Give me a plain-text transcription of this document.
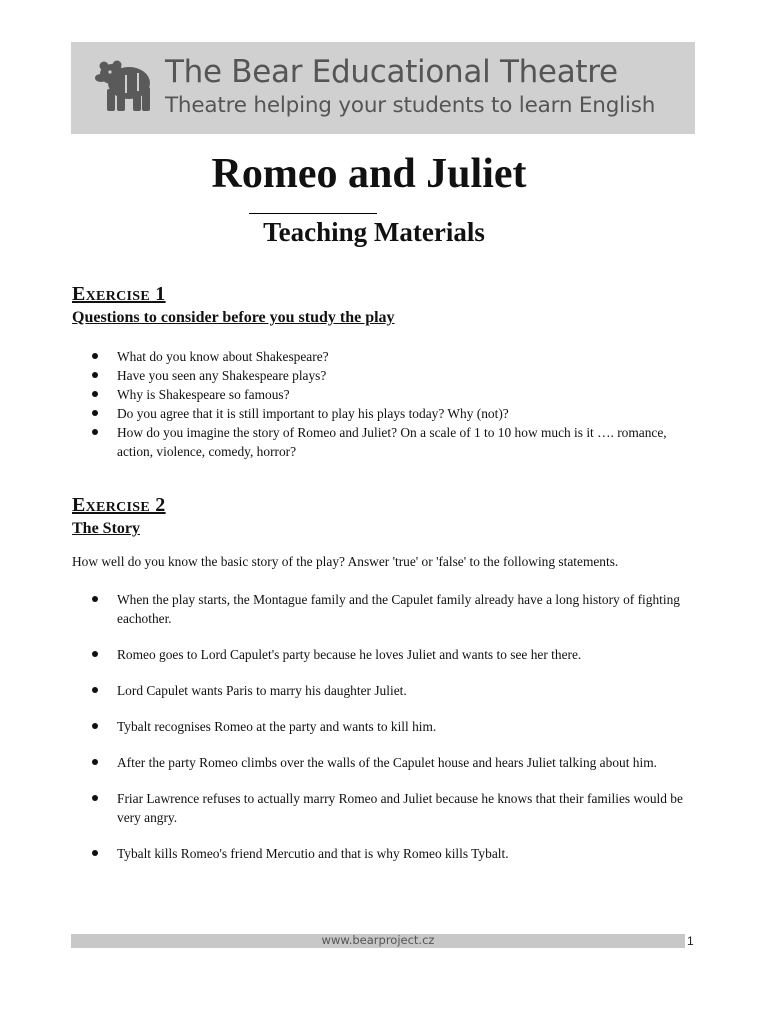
The Bear Educational Theatre
Theatre helping your students to learn English
Romeo and Juliet
Teaching Materials
Exercise 1
Questions to consider before you study the play
What do you know about Shakespeare?
Have you seen any Shakespeare plays?
Why is Shakespeare so famous?
Do you agree that it is still important to play his plays today? Why (not)?
How do you imagine the story of Romeo and Juliet? On a scale of 1 to 10 how much is it …. romance, action, violence, comedy, horror?
Exercise 2
The Story
How well do you know the basic story of the play? Answer 'true' or 'false' to the following statements.
When the play starts, the Montague family and the Capulet family already have a long history of fighting eachother.
Romeo goes to Lord Capulet's party because he loves Juliet and wants to see her there.
Lord Capulet wants Paris to marry his daughter Juliet.
Tybalt recognises Romeo at the party and wants to kill him.
After the party Romeo climbs over the walls of the Capulet house and hears Juliet talking about him.
Friar Lawrence refuses to actually marry Romeo and Juliet because he knows that their families would be very angry.
Tybalt kills Romeo's friend Mercutio and that is why Romeo kills Tybalt.
www.bearproject.cz	1
